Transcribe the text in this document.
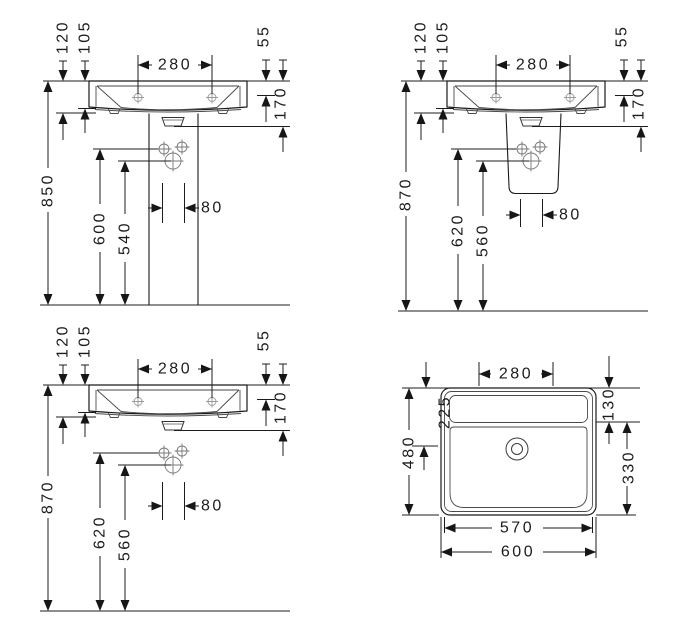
120 105
280
55
170
850
600 540
80
120 105
280
55
170
870
620 560
80
120 105
280
55
170
870
620 560
80
280
130
330
225
480
570
600
